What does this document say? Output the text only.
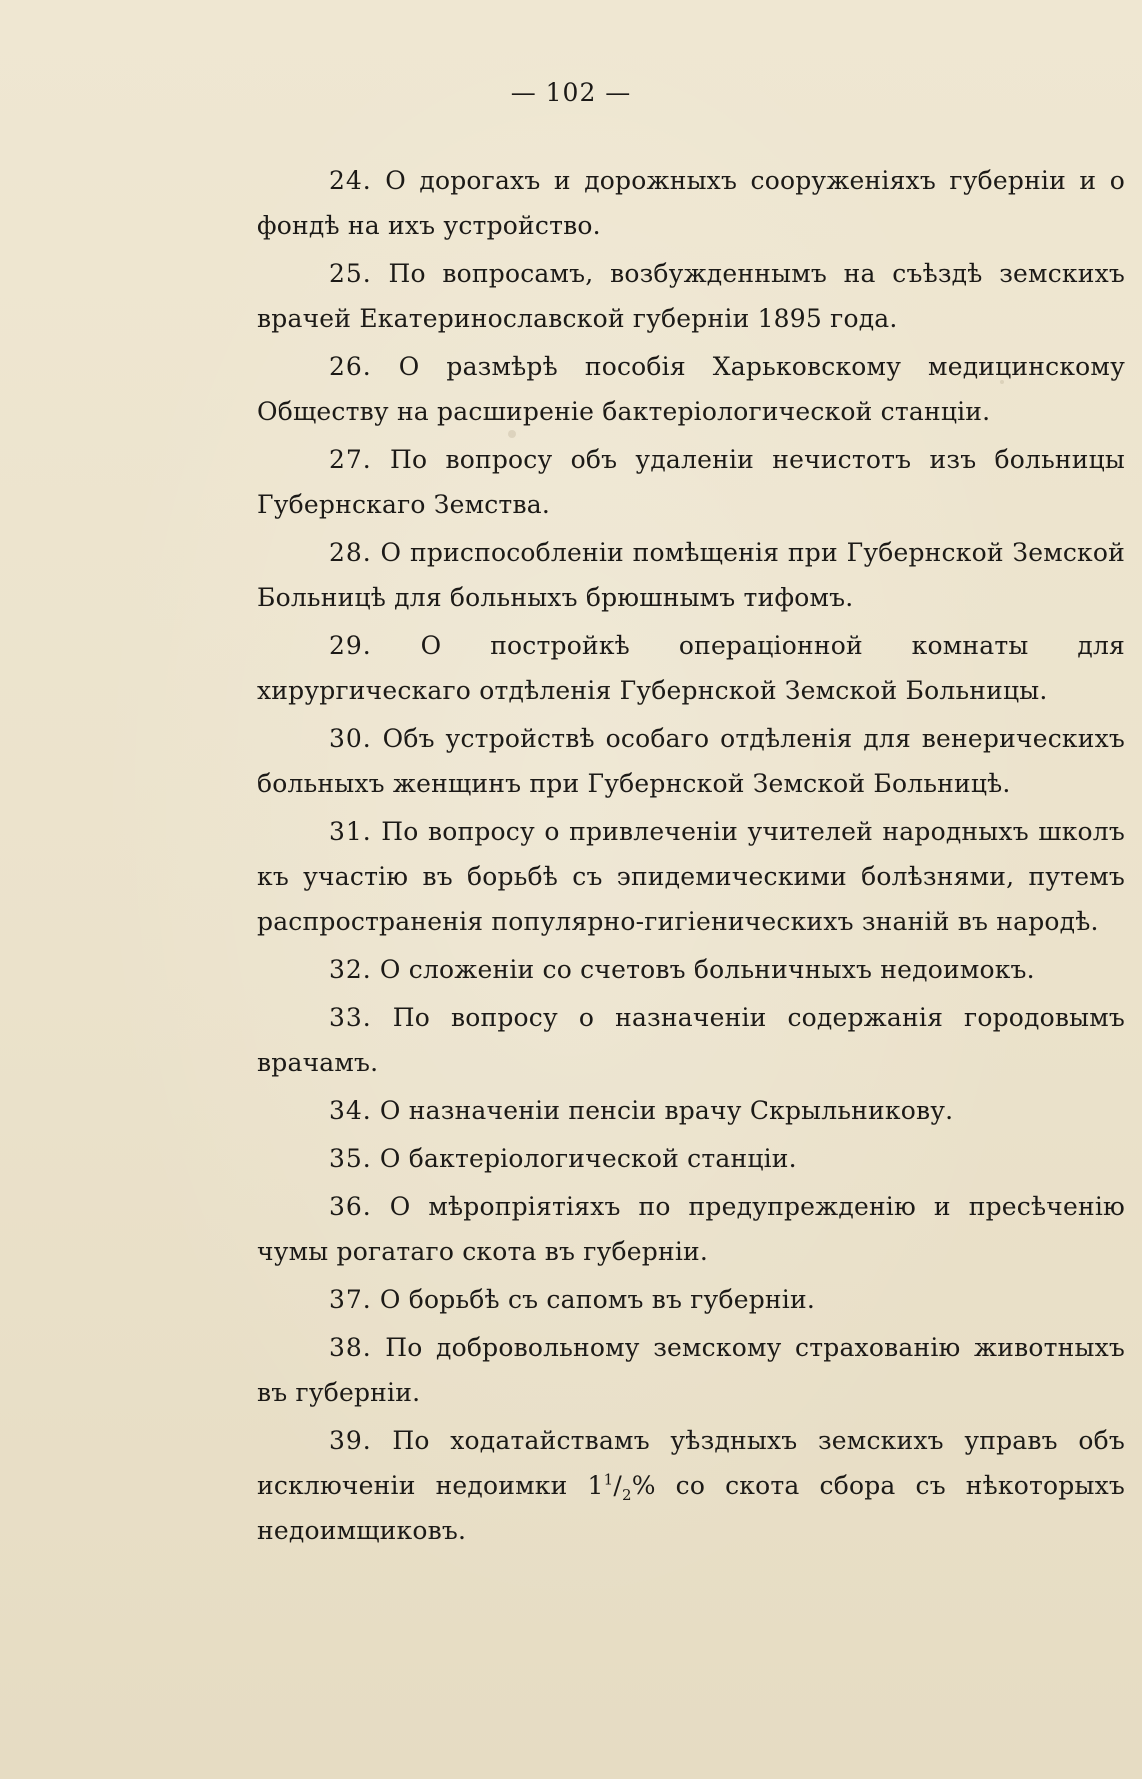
— 102 —

24. О дорогахъ и дорожныхъ сооруженiяхъ губернiи и о фондѣ на ихъ устройство.

25. По вопросамъ, возбужденнымъ на съѣздѣ земскихъ врачей Екатеринославской губернiи 1895 года.

26. О размѣрѣ пособiя Харьковскому медицинскому Обществу на расширенiе бактерiологической станцiи.

27. По вопросу объ удаленiи нечистотъ изъ больницы Губернскаго Земства.

28. О приспособленiи помѣщенiя при Губернской Земской Больницѣ для больныхъ брюшнымъ тифомъ.

29. О постройкѣ операцiонной комнаты для хирургическаго отдѣленiя Губернской Земской Больницы.

30. Объ устройствѣ особаго отдѣленiя для венерическихъ больныхъ женщинъ при Губернской Земской Больницѣ.

31. По вопросу о привлеченiи учителей народныхъ школъ къ участiю въ борьбѣ съ эпидемическими болѣзнями, путемъ распространенiя популярно-гигiеническихъ знанiй въ народѣ.

32. О сложенiи со счетовъ больничныхъ недоимокъ.

33. По вопросу о назначенiи содержанiя городовымъ врачамъ.

34. О назначенiи пенсiи врачу Скрыльникову.

35. О бактерiологической станцiи.

36. О мѣропрiятiяхъ по предупрежденiю и пресѣченiю чумы рогатаго скота въ губернiи.

37. О борьбѣ съ сапомъ въ губернiи.

38. По добровольному земскому страхованiю животныхъ въ губернiи.

39. По ходатайствамъ уѣздныхъ земскихъ управъ объ исключенiи недоимки $1^1/_2\%$ со скота сбора съ нѣкоторыхъ недоимщиковъ.
